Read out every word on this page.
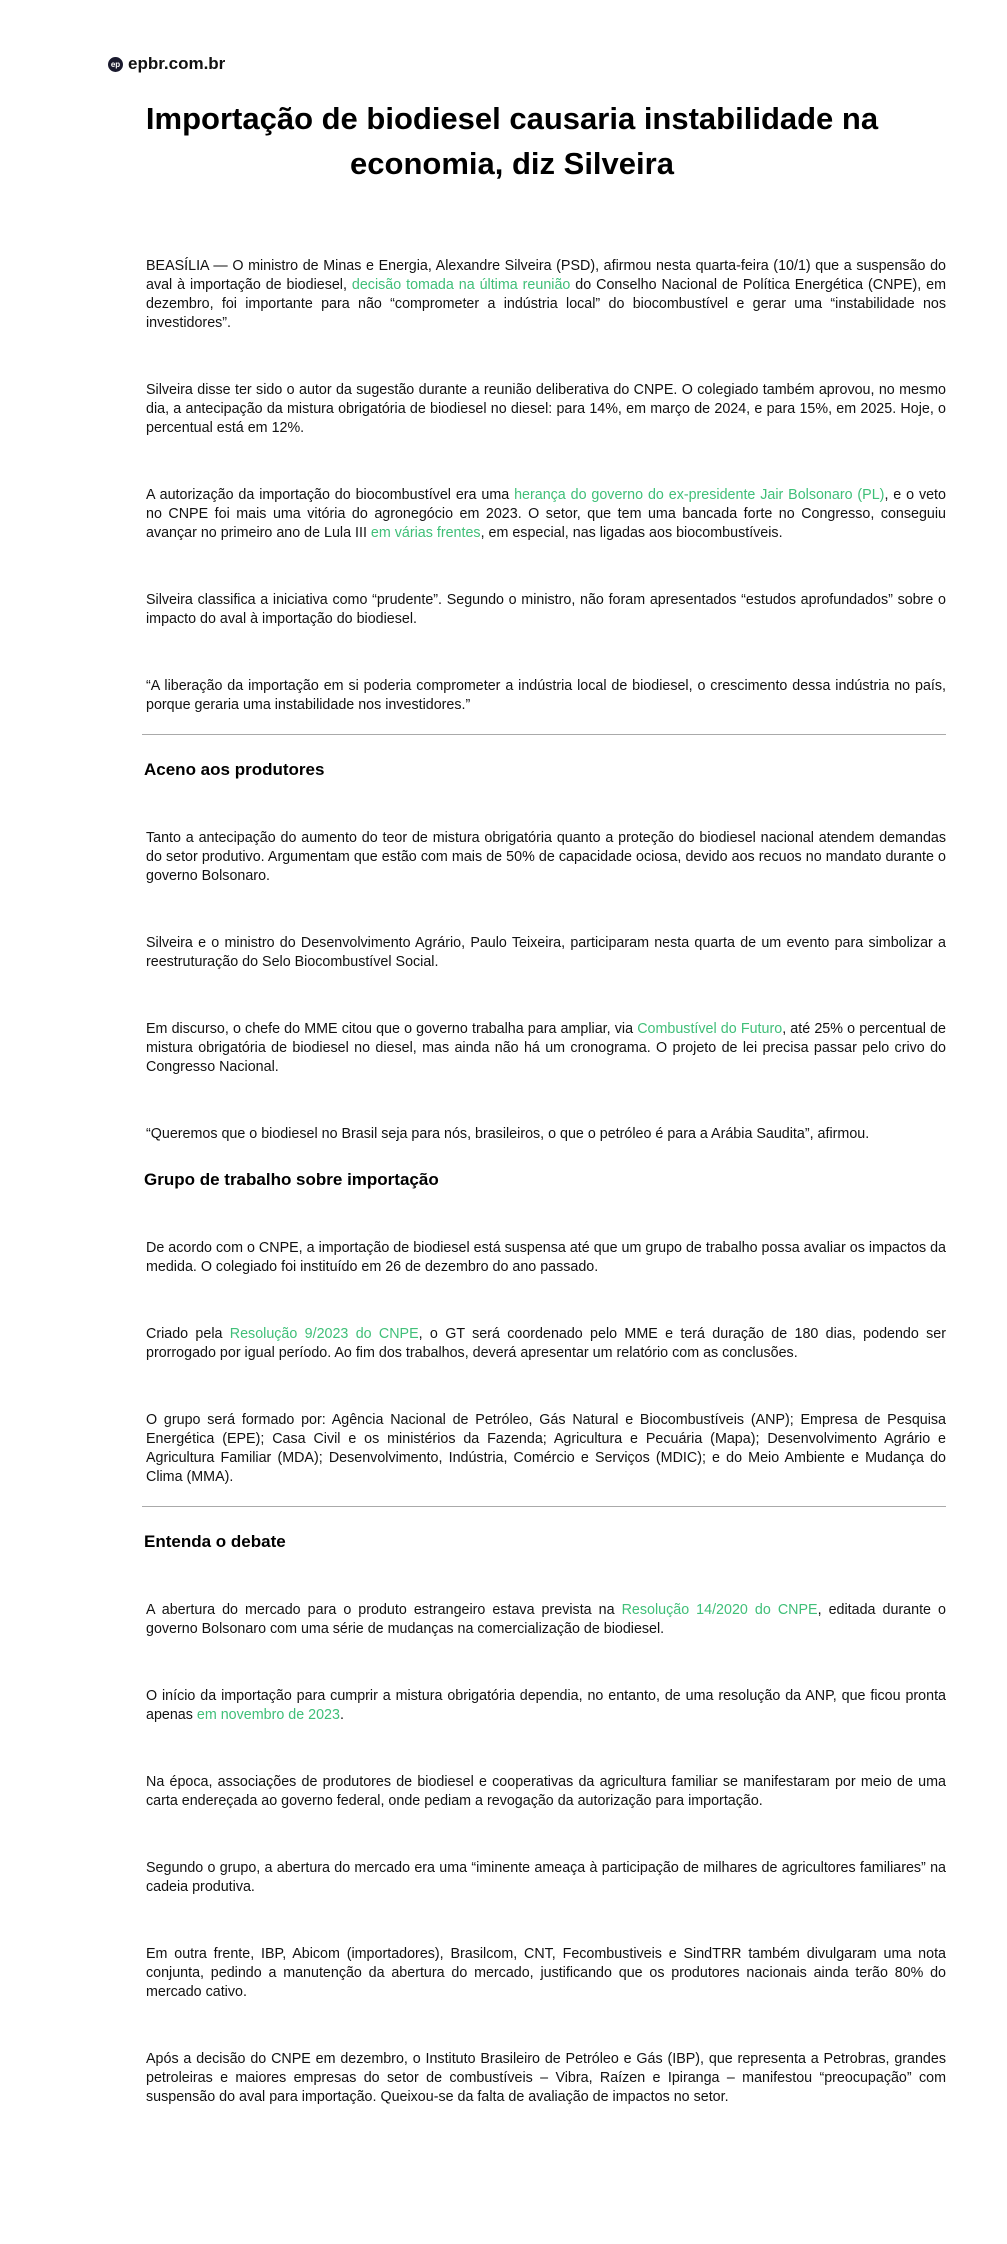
ep epbr.com.br
Importação de biodiesel causaria instabilidade na economia, diz Silveira

BEASÍLIA — O ministro de Minas e Energia, Alexandre Silveira (PSD), afirmou nesta quarta-feira (10/1) que a suspensão do aval à importação de biodiesel, decisão tomada na última reunião do Conselho Nacional de Política Energética (CNPE), em dezembro, foi importante para não “comprometer a indústria local” do biocombustível e gerar uma “instabilidade nos investidores”.

Silveira disse ter sido o autor da sugestão durante a reunião deliberativa do CNPE. O colegiado também aprovou, no mesmo dia, a antecipação da mistura obrigatória de biodiesel no diesel: para 14%, em março de 2024, e para 15%, em 2025. Hoje, o percentual está em 12%.

A autorização da importação do biocombustível era uma herança do governo do ex-presidente Jair Bolsonaro (PL), e o veto no CNPE foi mais uma vitória do agronegócio em 2023. O setor, que tem uma bancada forte no Congresso, conseguiu avançar no primeiro ano de Lula III em várias frentes, em especial, nas ligadas aos biocombustíveis.

Silveira classifica a iniciativa como “prudente”. Segundo o ministro, não foram apresentados “estudos aprofundados” sobre o impacto do aval à importação do biodiesel.

“A liberação da importação em si poderia comprometer a indústria local de biodiesel, o crescimento dessa indústria no país, porque geraria uma instabilidade nos investidores.”

Aceno aos produtores

Tanto a antecipação do aumento do teor de mistura obrigatória quanto a proteção do biodiesel nacional atendem demandas do setor produtivo. Argumentam que estão com mais de 50% de capacidade ociosa, devido aos recuos no mandato durante o governo Bolsonaro.

Silveira e o ministro do Desenvolvimento Agrário, Paulo Teixeira, participaram nesta quarta de um evento para simbolizar a reestruturação do Selo Biocombustível Social.

Em discurso, o chefe do MME citou que o governo trabalha para ampliar, via Combustível do Futuro, até 25% o percentual de mistura obrigatória de biodiesel no diesel, mas ainda não há um cronograma. O projeto de lei precisa passar pelo crivo do Congresso Nacional.

“Queremos que o biodiesel no Brasil seja para nós, brasileiros, o que o petróleo é para a Arábia Saudita”, afirmou.

Grupo de trabalho sobre importação

De acordo com o CNPE, a importação de biodiesel está suspensa até que um grupo de trabalho possa avaliar os impactos da medida. O colegiado foi instituído em 26 de dezembro do ano passado.

Criado pela Resolução 9/2023 do CNPE, o GT será coordenado pelo MME e terá duração de 180 dias, podendo ser prorrogado por igual período. Ao fim dos trabalhos, deverá apresentar um relatório com as conclusões.

O grupo será formado por: Agência Nacional de Petróleo, Gás Natural e Biocombustíveis (ANP); Empresa de Pesquisa Energética (EPE); Casa Civil e os ministérios da Fazenda; Agricultura e Pecuária (Mapa); Desenvolvimento Agrário e Agricultura Familiar (MDA); Desenvolvimento, Indústria, Comércio e Serviços (MDIC); e do Meio Ambiente e Mudança do Clima (MMA).

Entenda o debate

A abertura do mercado para o produto estrangeiro estava prevista na Resolução 14/2020 do CNPE, editada durante o governo Bolsonaro com uma série de mudanças na comercialização de biodiesel.

O início da importação para cumprir a mistura obrigatória dependia, no entanto, de uma resolução da ANP, que ficou pronta apenas em novembro de 2023.

Na época, associações de produtores de biodiesel e cooperativas da agricultura familiar se manifestaram por meio de uma carta endereçada ao governo federal, onde pediam a revogação da autorização para importação.

Segundo o grupo, a abertura do mercado era uma “iminente ameaça à participação de milhares de agricultores familiares” na cadeia produtiva.

Em outra frente, IBP, Abicom (importadores), Brasilcom, CNT, Fecombustiveis e SindTRR também divulgaram uma nota conjunta, pedindo a manutenção da abertura do mercado, justificando que os produtores nacionais ainda terão 80% do mercado cativo.

Após a decisão do CNPE em dezembro, o Instituto Brasileiro de Petróleo e Gás (IBP), que representa a Petrobras, grandes petroleiras e maiores empresas do setor de combustíveis – Vibra, Raízen e Ipiranga – manifestou “preocupação” com suspensão do aval para importação. Queixou-se da falta de avaliação de impactos no setor.
